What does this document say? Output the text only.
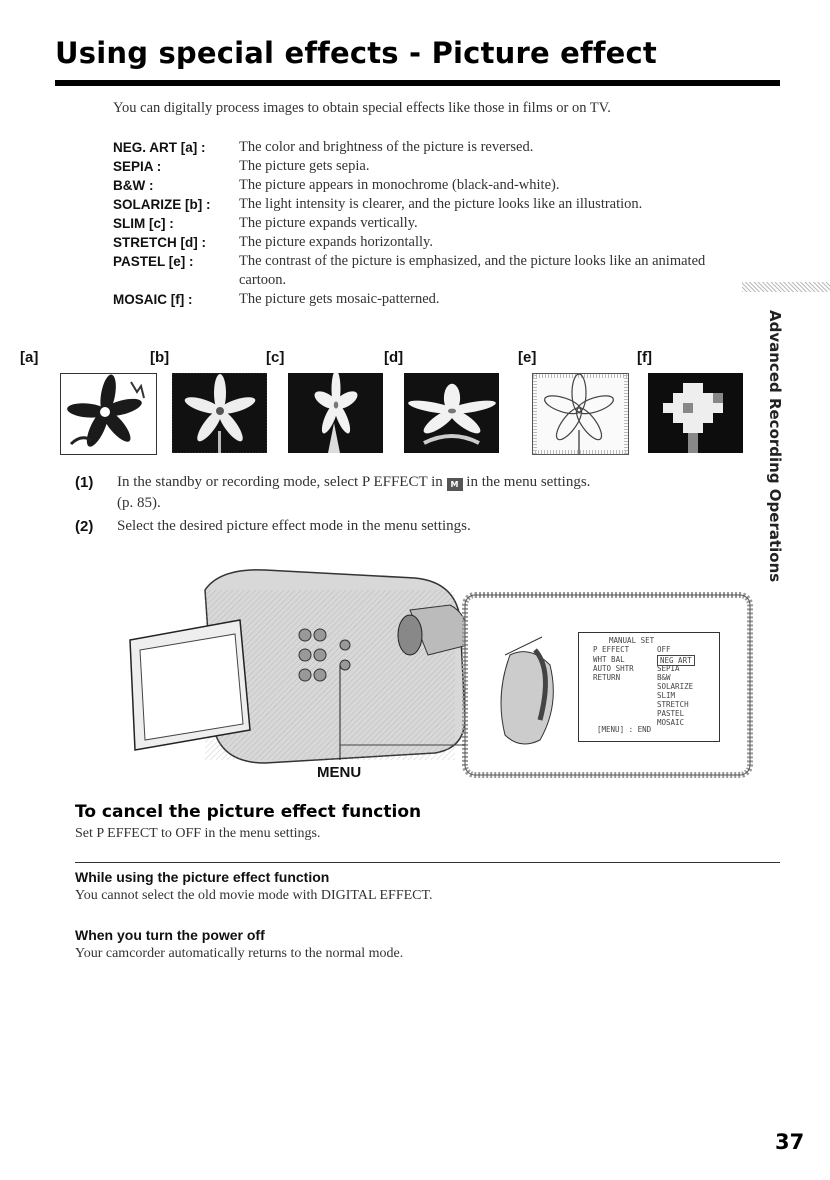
Using special effects - Picture effect
You can digitally process images to obtain special effects like those in films or on TV.
NEG. ART [a] : The color and brightness of the picture is reversed.
SEPIA :	The picture gets sepia.
B&W :	The picture appears in monochrome (black-and-white).
SOLARIZE [b] : The light intensity is clearer, and the picture looks like an illustration.
SLIM [c] :	The picture expands vertically.
STRETCH [d] : The picture expands horizontally.
PASTEL [e] :	The contrast of the picture is emphasized, and the picture looks like an animated cartoon.
MOSAIC [f] :	The picture gets mosaic-patterned.
Advanced Recording Operations
[a]	[b]	[c]	[d]	[e]	[f]
(1) In the standby or recording mode, select P EFFECT in M in the menu settings.
(p. 85).
(2) Select the desired picture effect mode in the menu settings.
MANUAL SET
P EFFECT
WHT BAL
AUTO SHTR
RETURN
OFF
NEG ART
SEPIA
B&W
SOLARIZE
SLIM
STRETCH
PASTEL
MOSAIC
[MENU] : END
MENU
To cancel the picture effect function
Set P EFFECT to OFF in the menu settings.
While using the picture effect function
You cannot select the old movie mode with DIGITAL EFFECT.
When you turn the power off
Your camcorder automatically returns to the normal mode.
37
